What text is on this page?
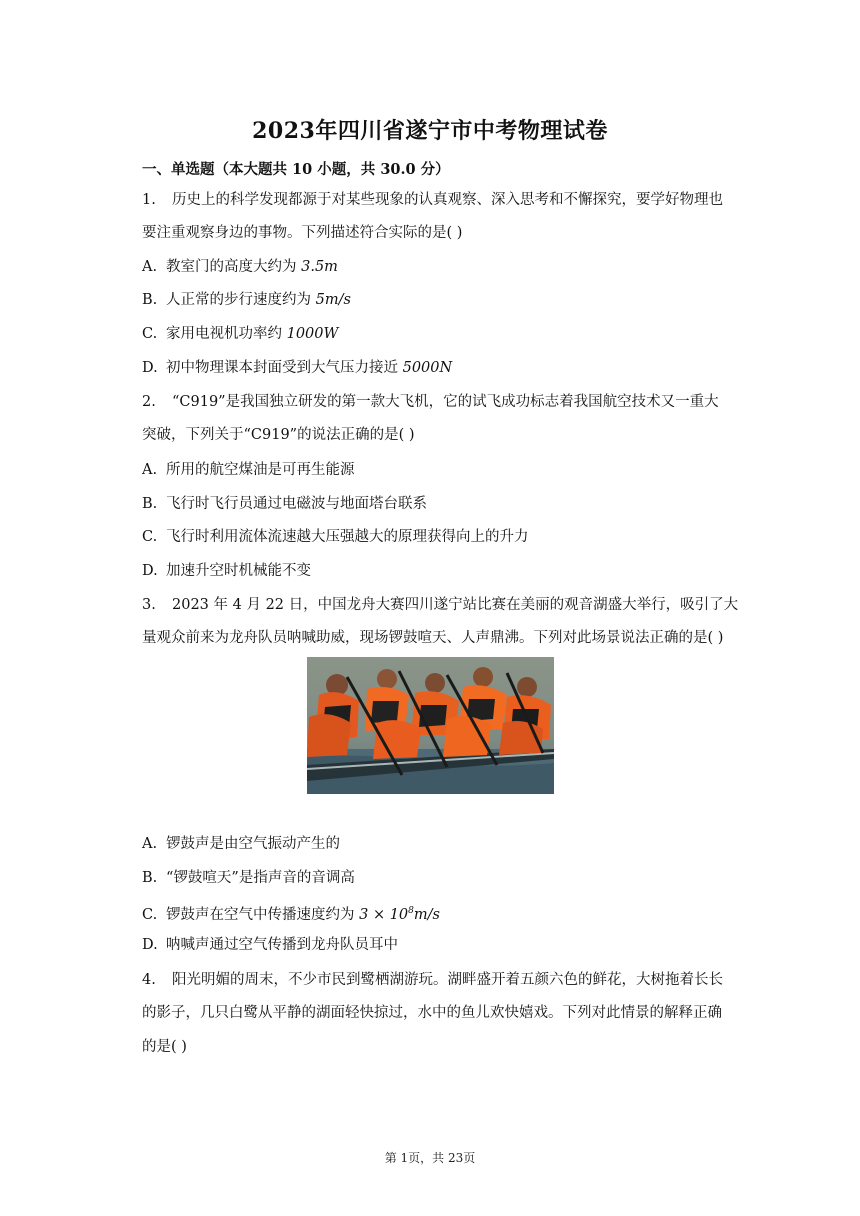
2023年四川省遂宁市中考物理试卷
一、单选题（本大题共 10 小题，共 30.0 分）
1. 历史上的科学发现都源于对某些现象的认真观察、深入思考和不懈探究，要学好物理也
要注重观察身边的事物。下列描述符合实际的是( )
A. 教室门的高度大约为 3.5m
B. 人正常的步行速度约为 5m/s
C. 家用电视机功率约 1000W
D. 初中物理课本封面受到大气压力接近 5000N
2. “C919”是我国独立研发的第一款大飞机，它的试飞成功标志着我国航空技术又一重大
突破，下列关于“C919”的说法正确的是( )
A. 所用的航空煤油是可再生能源
B. 飞行时飞行员通过电磁波与地面塔台联系
C. 飞行时利用流体流速越大压强越大的原理获得向上的升力
D. 加速升空时机械能不变
3. 2023 年 4 月 22 日，中国龙舟大赛四川遂宁站比赛在美丽的观音湖盛大举行，吸引了大
量观众前来为龙舟队员呐喊助威，现场锣鼓喧天、人声鼎沸。下列对此场景说法正确的是( )
A. 锣鼓声是由空气振动产生的
B. “锣鼓喧天”是指声音的音调高
C. 锣鼓声在空气中传播速度约为 $3 \times 10^8m/s$
D. 呐喊声通过空气传播到龙舟队员耳中
4. 阳光明媚的周末，不少市民到鹭栖湖游玩。湖畔盛开着五颜六色的鲜花，大树拖着长长
的影子，几只白鹭从平静的湖面轻快掠过，水中的鱼儿欢快嬉戏。下列对此情景的解释正确
的是( )
第 1页，共 23页
